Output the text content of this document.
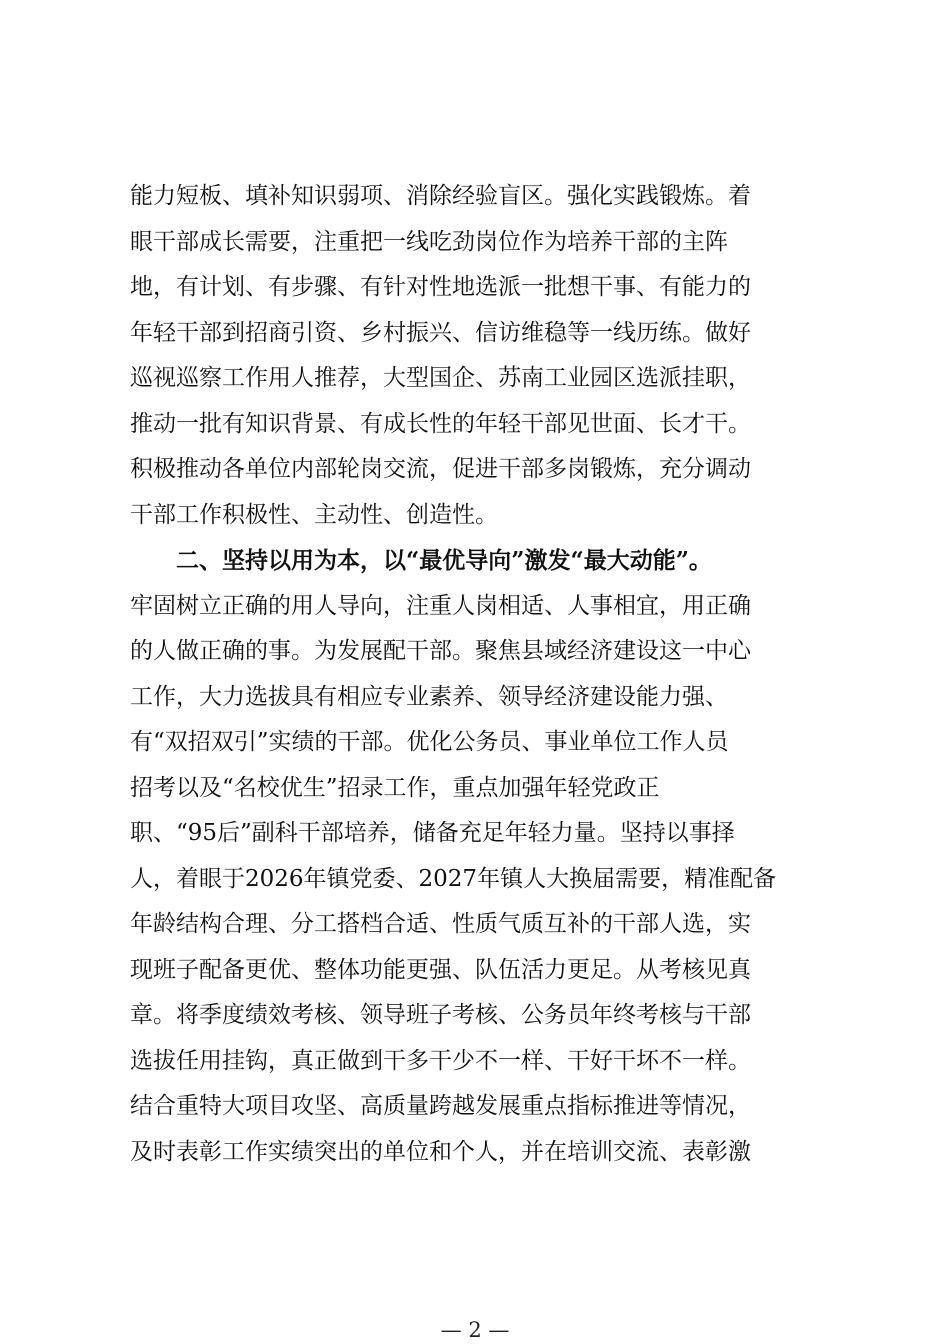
能力短板、填补知识弱项、消除经验盲区。强化实践锻炼。着
眼干部成长需要，注重把一线吃劲岗位作为培养干部的主阵
地，有计划、有步骤、有针对性地选派一批想干事、有能力的
年轻干部到招商引资、乡村振兴、信访维稳等一线历练。做好
巡视巡察工作用人推荐，大型国企、苏南工业园区选派挂职，
推动一批有知识背景、有成长性的年轻干部见世面、长才干。
积极推动各单位内部轮岗交流，促进干部多岗锻炼，充分调动
干部工作积极性、主动性、创造性。
二、坚持以用为本，以“最优导向”激发“最大动能”。
牢固树立正确的用人导向，注重人岗相适、人事相宜，用正确
的人做正确的事。为发展配干部。聚焦县域经济建设这一中心
工作，大力选拔具有相应专业素养、领导经济建设能力强、
有“双招双引”实绩的干部。优化公务员、事业单位工作人员
招考以及“名校优生”招录工作，重点加强年轻党政正
职、“95后”副科干部培养，储备充足年轻力量。坚持以事择
人，着眼于2026年镇党委、2027年镇人大换届需要，精准配备
年龄结构合理、分工搭档合适、性质气质互补的干部人选，实
现班子配备更优、整体功能更强、队伍活力更足。从考核见真
章。将季度绩效考核、领导班子考核、公务员年终考核与干部
选拔任用挂钩，真正做到干多干少不一样、干好干坏不一样。
结合重特大项目攻坚、高质量跨越发展重点指标推进等情况，
及时表彰工作实绩突出的单位和个人，并在培训交流、表彰激
— 2 —
